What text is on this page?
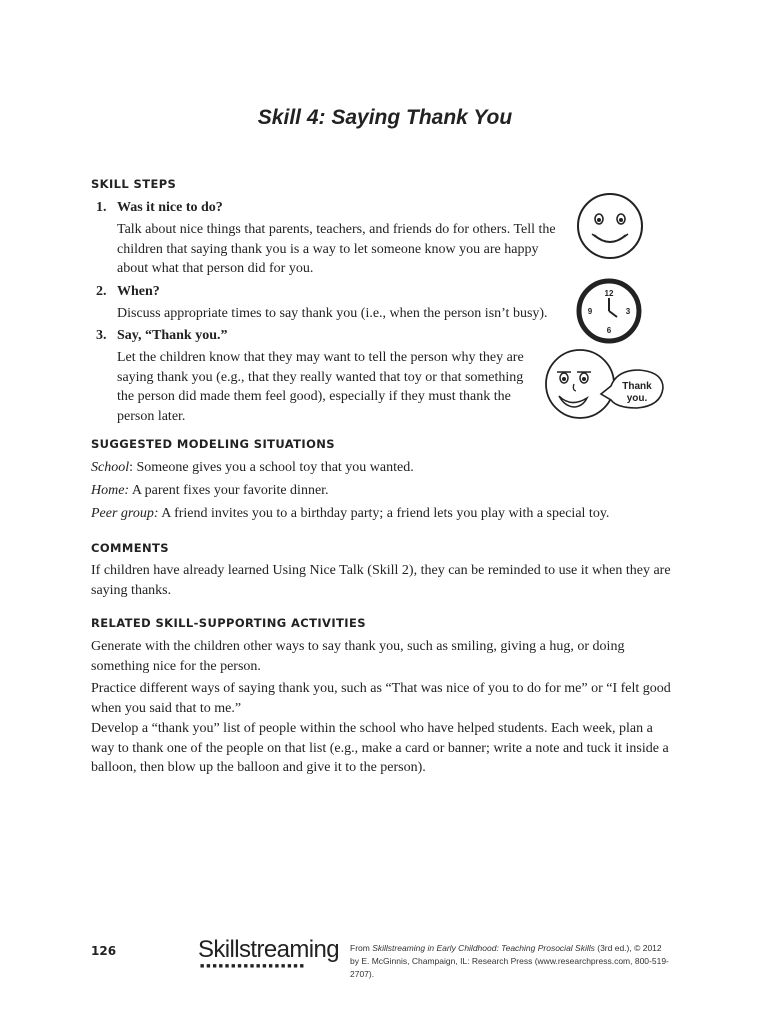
Skill 4: Saying Thank You
SKILL STEPS
1. Was it nice to do?
Talk about nice things that parents, teachers, and friends do for others. Tell the children that saying thank you is a way to let someone know you are happy about what that person did for you.
2. When?
Discuss appropriate times to say thank you (i.e., when the person isn’t busy).
3. Say, “Thank you.”
Let the children know that they may want to tell the person why they are saying thank you (e.g., that they really wanted that toy or that something the person did made them feel good), especially if they must thank the person later.
12
3
6
9
Thank
you.
SUGGESTED MODELING SITUATIONS

School: Someone gives you a school toy that you wanted.

Home: A parent fixes your favorite dinner.

Peer group: A friend invites you to a birthday party; a friend lets you play with a special toy.

COMMENTS

If children have already learned Using Nice Talk (Skill 2), they can be reminded to use it when they are saying thanks.

RELATED SKILL-SUPPORTING ACTIVITIES

Generate with the children other ways to say thank you, such as smiling, giving a hug, or doing something nice for the person.

Practice different ways of saying thank you, such as “That was nice of you to do for me” or “I felt good when you said that to me.”

Develop a “thank you” list of people within the school who have helped students. Each week, plan a way to thank one of the people on that list (e.g., make a card or banner; write a note and tuck it inside a balloon, then blow up the balloon and give it to the person).

126	Skillstreaming
■■■■■■■■■■■■■■■■■
From Skillstreaming in Early Childhood: Teaching Prosocial Skills (3rd ed.), © 2012
by E. McGinnis, Champaign, IL: Research Press (www.researchpress.com, 800-519-2707).
